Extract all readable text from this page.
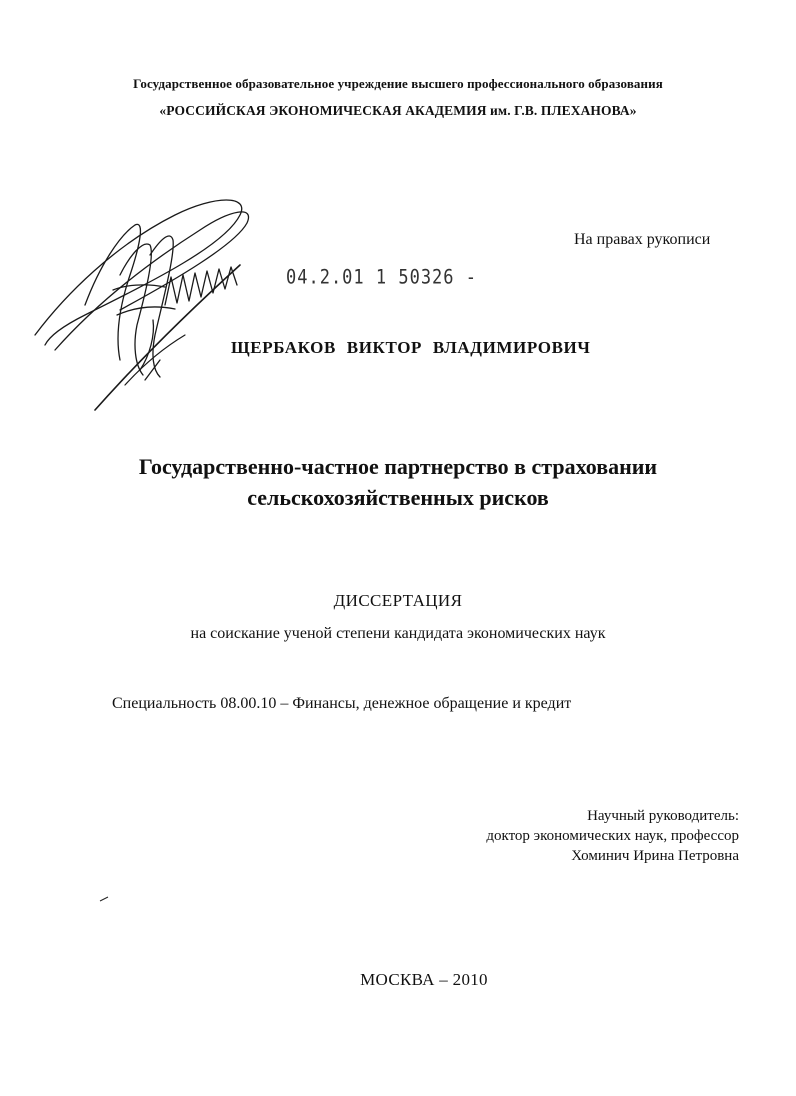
Государственное образовательное учреждение высшего профессионального образования
«РОССИЙСКАЯ ЭКОНОМИЧЕСКАЯ АКАДЕМИЯ им. Г.В. ПЛЕХАНОВА»
На правах рукописи
04.2.01 1 50326 -
ЩЕРБАКОВ ВИКТОР ВЛАДИМИРОВИЧ
Государственно-частное партнерство в страховании
сельскохозяйственных рисков
ДИССЕРТАЦИЯ
на соискание ученой степени кандидата экономических наук
Специальность 08.00.10 – Финансы, денежное обращение и кредит
Научный руководитель:
доктор экономических наук, профессор
Хоминич Ирина Петровна
МОСКВА – 2010
